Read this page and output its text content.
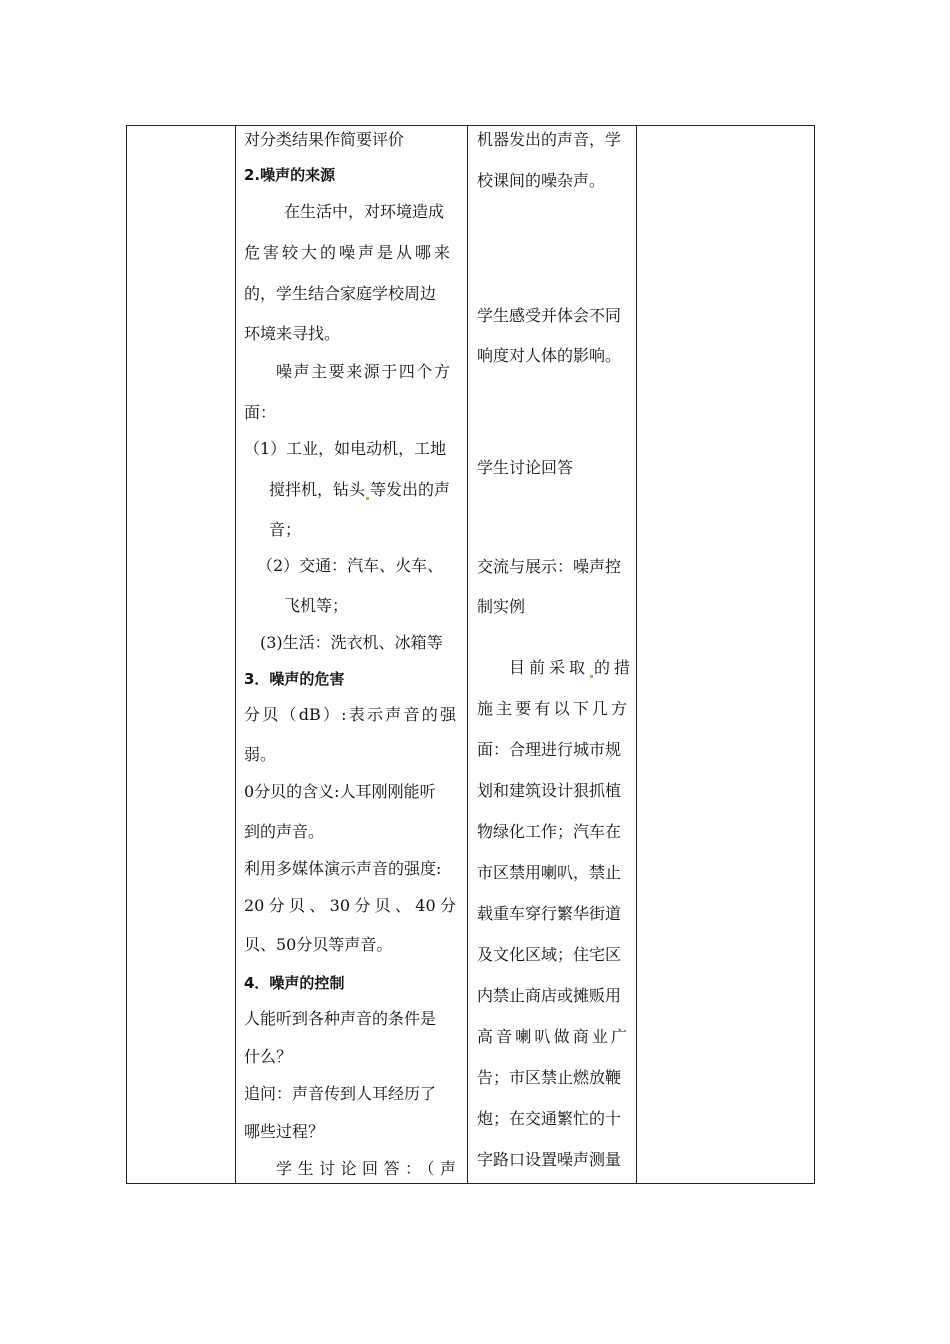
对分类结果作简要评价
2.噪声的来源
在生活中，对环境造成
危害较大的噪声是从哪来
的，学生结合家庭学校周边
环境来寻找。
噪声主要来源于四个方
面：
（1）工业，如电动机，工地
搅拌机，钻头 等发出的声
音；
（2）交通：汽车、火车、
飞机等；
(3)生活：洗衣机、冰箱等
3．噪声的危害
分贝（dB）:表示声音的强
弱。
0分贝的含义:人耳刚刚能听
到的声音。
利用多媒体演示声音的强度:
20分贝、30分贝、40分
贝、50分贝等声音。
4．噪声的控制
人能听到各种声音的条件是
什么？
追问：声音传到人耳经历了
哪些过程？
学生讨论回答：（声
机器发出的声音，学
校课间的噪杂声。
学生感受并体会不同
响度对人体的影响。
学生讨论回答
交流与展示：噪声控
制实例
目前采取 的措
施主要有以下几方
面：合理进行城市规
划和建筑设计狠抓植
物绿化工作；汽车在
市区禁用喇叭，禁止
载重车穿行繁华街道
及文化区域；住宅区
内禁止商店或摊贩用
高音喇叭做商业广
告；市区禁止燃放鞭
炮；在交通繁忙的十
字路口设置噪声测量
